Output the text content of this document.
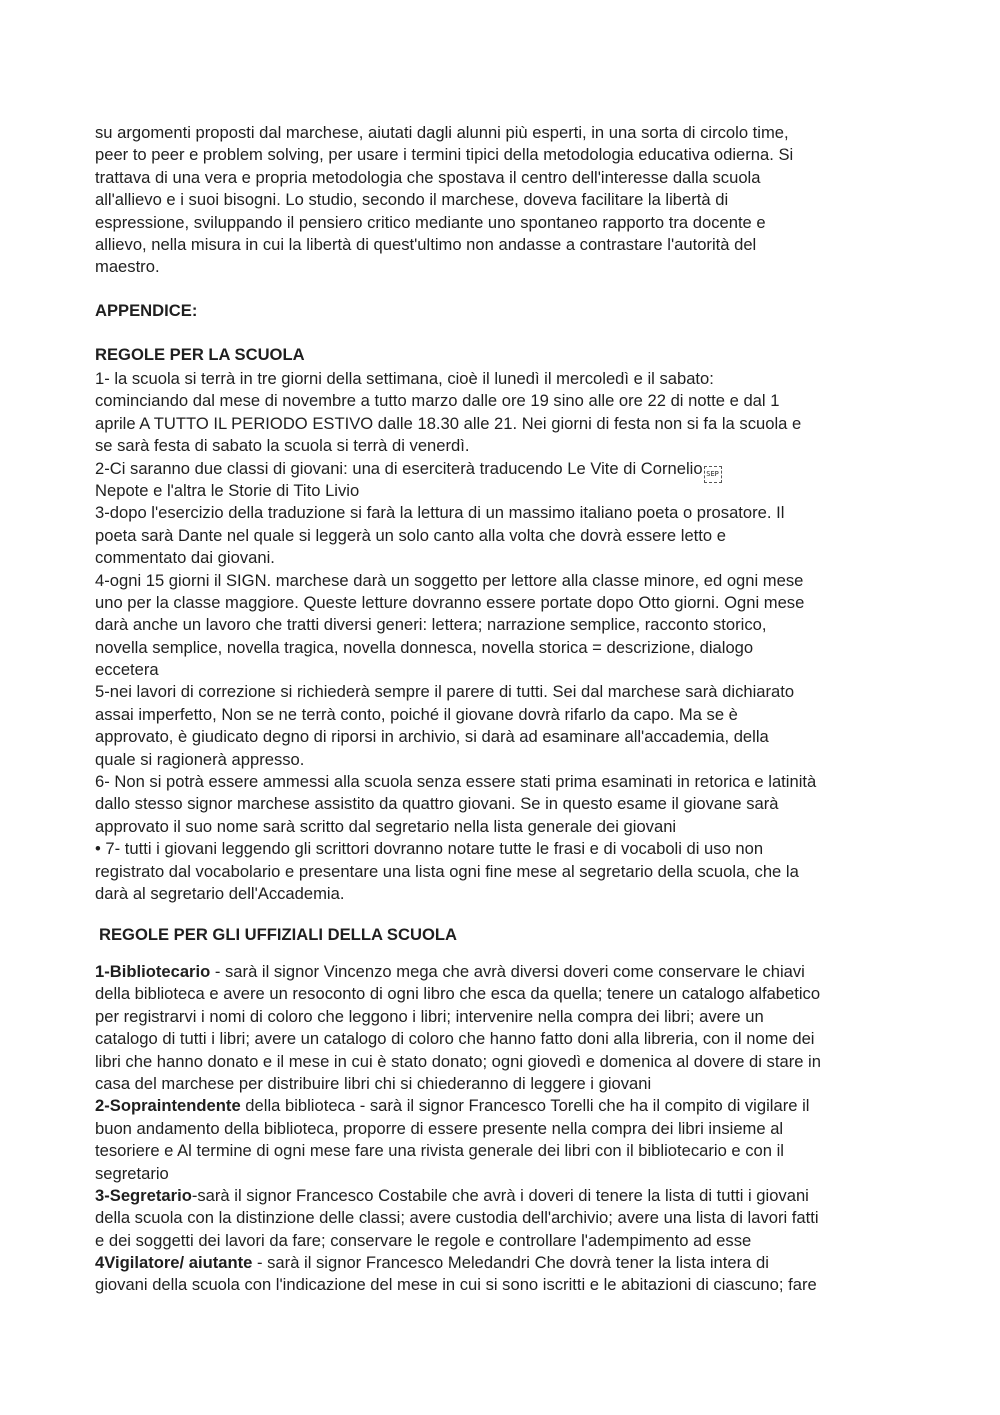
su argomenti proposti dal marchese, aiutati dagli alunni più esperti, in una sorta di circolo time,
peer to peer e problem solving, per usare i termini tipici della metodologia educativa odierna. Si
trattava di una vera e propria metodologia che spostava il centro dell'interesse dalla scuola
all'allievo e i suoi bisogni. Lo studio, secondo il marchese, doveva facilitare la libertà di
espressione, sviluppando il pensiero critico mediante uno spontaneo rapporto tra docente e
allievo, nella misura in cui la libertà di quest'ultimo non andasse a contrastare l'autorità del
maestro.
APPENDICE:
REGOLE PER LA SCUOLA
1- la scuola si terrà in tre giorni della settimana, cioè il lunedì il mercoledì e il sabato:
cominciando dal mese di novembre a tutto marzo dalle ore 19 sino alle ore 22 di notte e dal 1
aprile A TUTTO IL PERIODO ESTIVO dalle 18.30 alle 21. Nei giorni di festa non si fa la scuola e
se sarà festa di sabato la scuola si terrà di venerdì.
2-Ci saranno due classi di giovani: una di eserciterà traducendo Le Vite di Cornelio SEP
Nepote e l'altra le Storie di Tito Livio
3-dopo l'esercizio della traduzione si farà la lettura di un massimo italiano poeta o prosatore. Il
poeta sarà Dante nel quale si leggerà un solo canto alla volta che dovrà essere letto e
commentato dai giovani.
4-ogni 15 giorni il SIGN. marchese darà un soggetto per lettore alla classe minore, ed ogni mese
uno per la classe maggiore. Queste letture dovranno essere portate dopo Otto giorni. Ogni mese
darà anche un lavoro che tratti diversi generi: lettera; narrazione semplice, racconto storico,
novella semplice, novella tragica, novella donnesca, novella storica = descrizione, dialogo
eccetera
5-nei lavori di correzione si richiederà sempre il parere di tutti. Sei dal marchese sarà dichiarato
assai imperfetto, Non se ne terrà conto, poiché il giovane dovrà rifarlo da capo. Ma se è
approvato, è giudicato degno di riporsi in archivio, si darà ad esaminare all'accademia, della
quale si ragionerà appresso.
6- Non si potrà essere ammessi alla scuola senza essere stati prima esaminati in retorica e latinità
dallo stesso signor marchese assistito da quattro giovani. Se in questo esame il giovane sarà
approvato il suo nome sarà scritto dal segretario nella lista generale dei giovani
• 7- tutti i giovani leggendo gli scrittori dovranno notare tutte le frasi e di vocaboli di uso non
registrato dal vocabolario e presentare una lista ogni fine mese al segretario della scuola, che la
darà al segretario dell'Accademia.
REGOLE PER GLI UFFIZIALI DELLA SCUOLA
1-Bibliotecario - sarà il signor Vincenzo mega che avrà diversi doveri come conservare le chiavi
della biblioteca e avere un resoconto di ogni libro che esca da quella; tenere un catalogo alfabetico
per registrarvi i nomi di coloro che leggono i libri; intervenire nella compra dei libri; avere un
catalogo di tutti i libri; avere un catalogo di coloro che hanno fatto doni alla libreria, con il nome dei
libri che hanno donato e il mese in cui è stato donato; ogni giovedì e domenica al dovere di stare in
casa del marchese per distribuire libri chi si chiederanno di leggere i giovani
2-Sopraintendente della biblioteca - sarà il signor Francesco Torelli che ha il compito di vigilare il
buon andamento della biblioteca, proporre di essere presente nella compra dei libri insieme al
tesoriere e Al termine di ogni mese fare una rivista generale dei libri con il bibliotecario e con il
segretario
3-Segretario-sarà il signor Francesco Costabile che avrà i doveri di tenere la lista di tutti i giovani
della scuola con la distinzione delle classi; avere custodia dell'archivio; avere una lista di lavori fatti
e dei soggetti dei lavori da fare; conservare le regole e controllare l'adempimento ad esse
4Vigilatore/ aiutante - sarà il signor Francesco Meledandri Che dovrà tener la lista intera di
giovani della scuola con l'indicazione del mese in cui si sono iscritti e le abitazioni di ciascuno; fare
